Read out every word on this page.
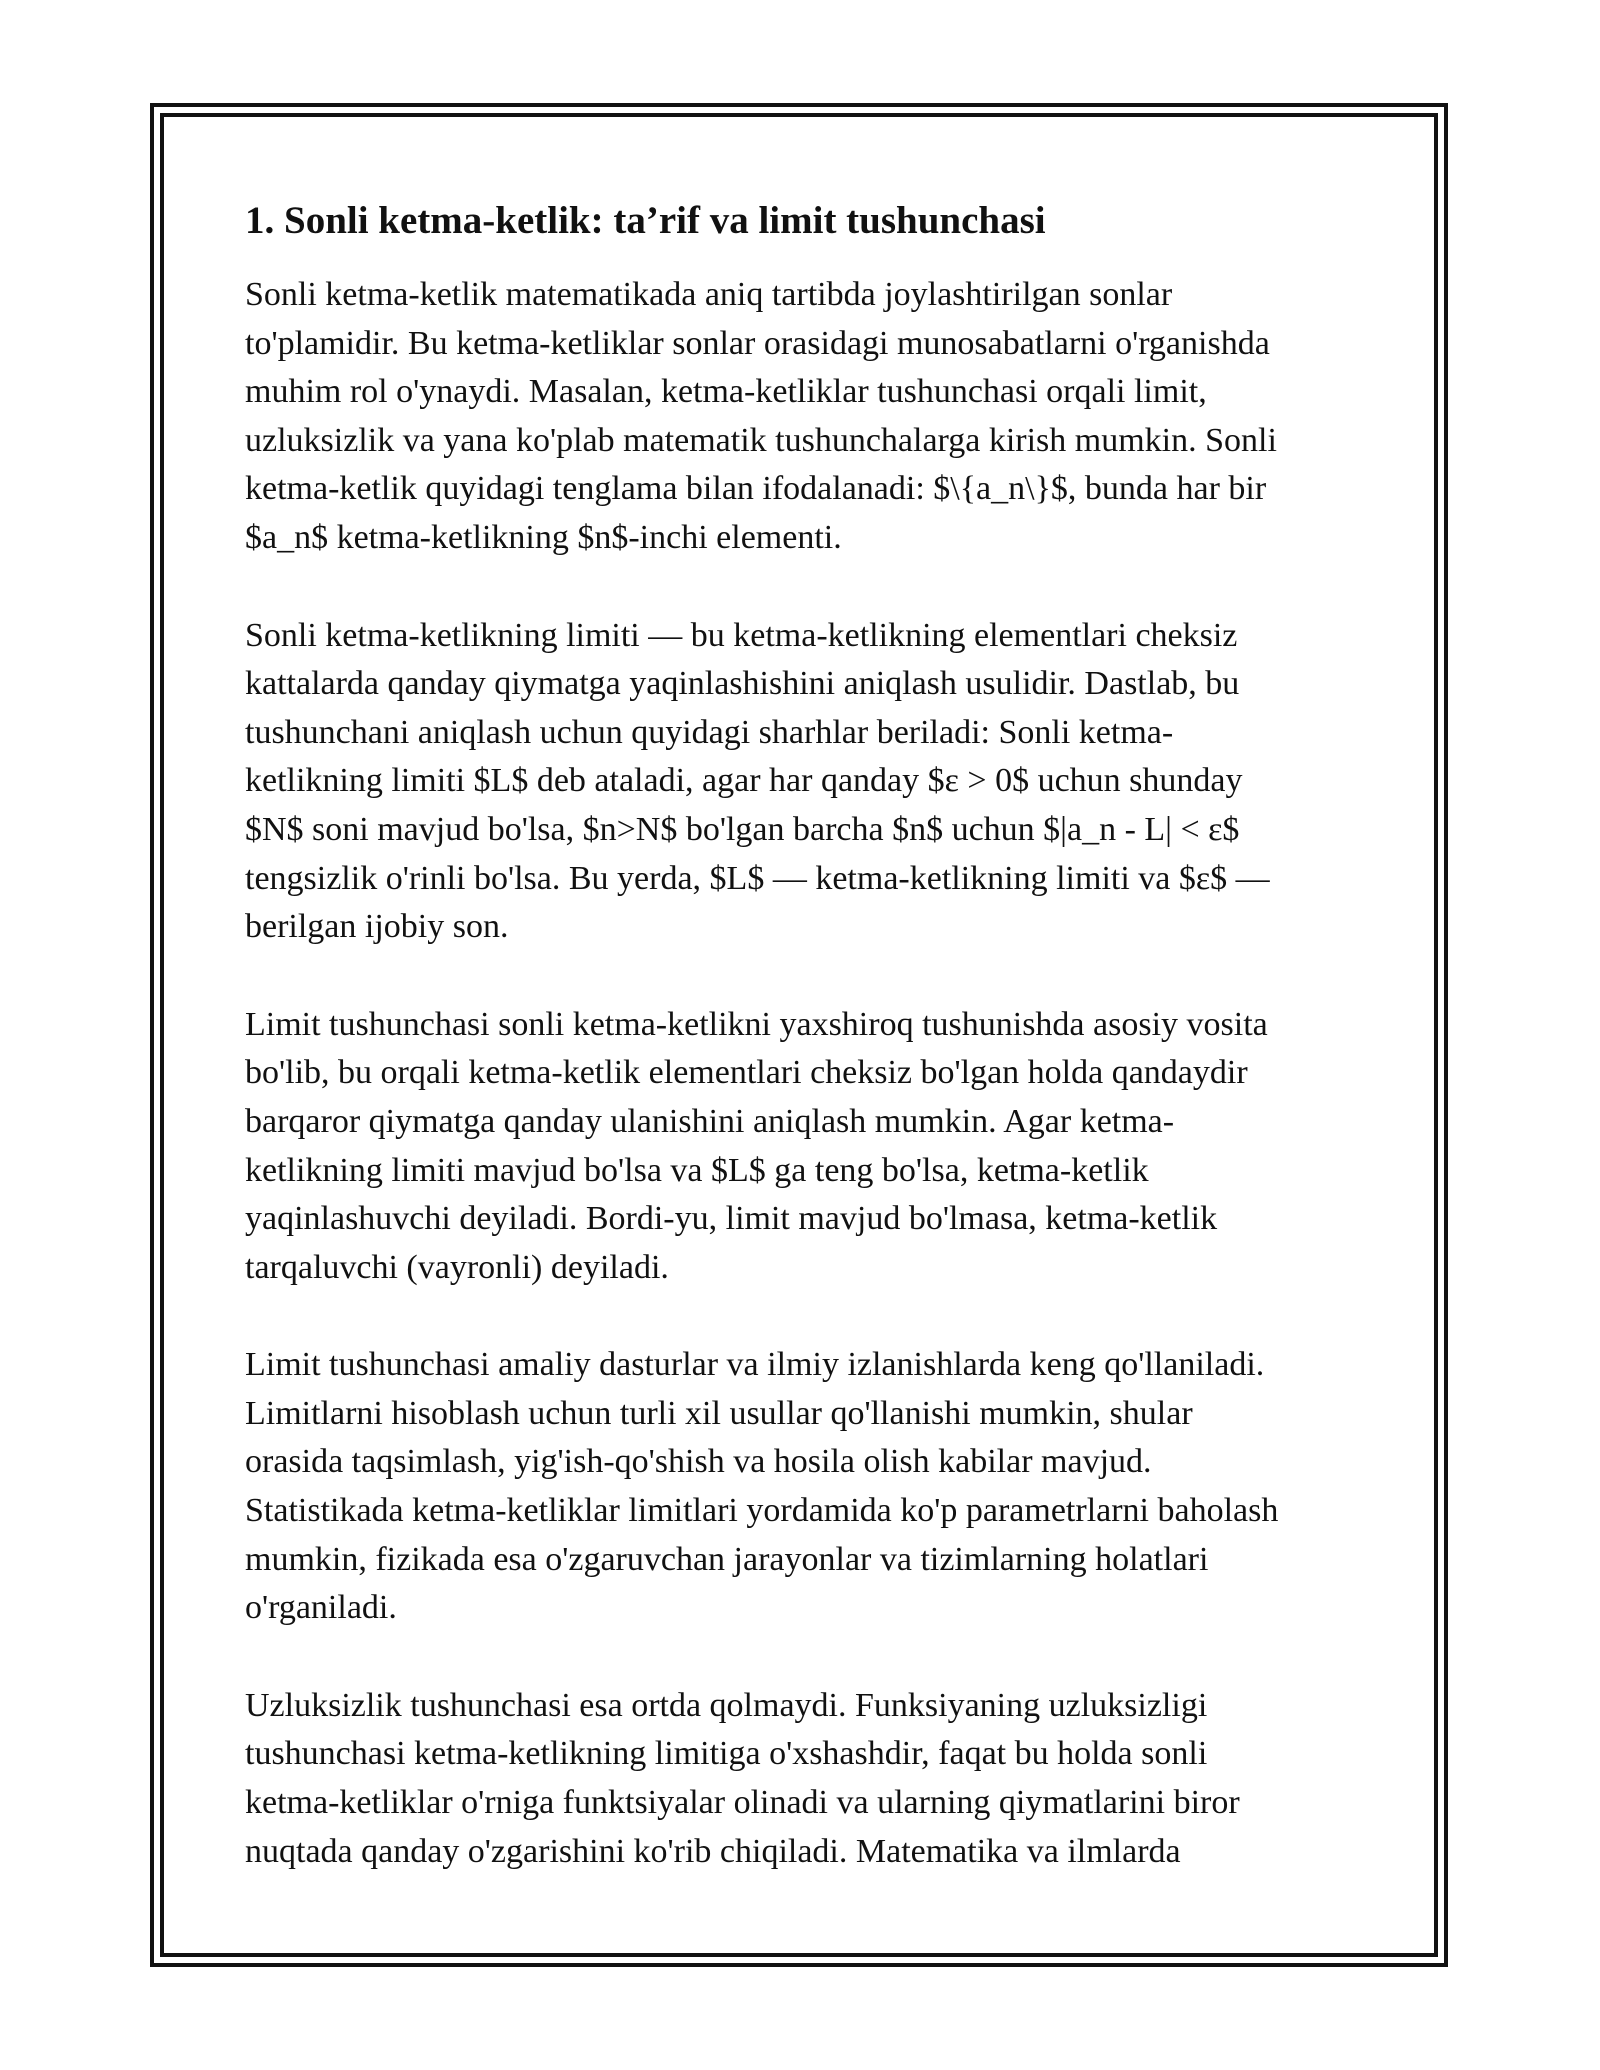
1. Sonli ketma-ketlik: ta’rif va limit tushunchasi

Sonli ketma-ketlik matematikada aniq tartibda joylashtirilgan sonlar
to'plamidir. Bu ketma-ketliklar sonlar orasidagi munosabatlarni o'rganishda
muhim rol o'ynaydi. Masalan, ketma-ketliklar tushunchasi orqali limit,
uzluksizlik va yana ko'plab matematik tushunchalarga kirish mumkin. Sonli
ketma-ketlik quyidagi tenglama bilan ifodalanadi: $\{a_n\}$, bunda har bir
$a_n$ ketma-ketlikning $n$-inchi elementi.

Sonli ketma-ketlikning limiti — bu ketma-ketlikning elementlari cheksiz
kattalarda qanday qiymatga yaqinlashishini aniqlash usulidir. Dastlab, bu
tushunchani aniqlash uchun quyidagi sharhlar beriladi: Sonli ketma-
ketlikning limiti $L$ deb ataladi, agar har qanday $ε > 0$ uchun shunday
$N$ soni mavjud bo'lsa, $n>N$ bo'lgan barcha $n$ uchun $|a_n - L| < ε$
tengsizlik o'rinli bo'lsa. Bu yerda, $L$ — ketma-ketlikning limiti va $ε$ —
berilgan ijobiy son.

Limit tushunchasi sonli ketma-ketlikni yaxshiroq tushunishda asosiy vosita
bo'lib, bu orqali ketma-ketlik elementlari cheksiz bo'lgan holda qandaydir
barqaror qiymatga qanday ulanishini aniqlash mumkin. Agar ketma-
ketlikning limiti mavjud bo'lsa va $L$ ga teng bo'lsa, ketma-ketlik
yaqinlashuvchi deyiladi. Bordi-yu, limit mavjud bo'lmasa, ketma-ketlik
tarqaluvchi (vayronli) deyiladi.

Limit tushunchasi amaliy dasturlar va ilmiy izlanishlarda keng qo'llaniladi.
Limitlarni hisoblash uchun turli xil usullar qo'llanishi mumkin, shular
orasida taqsimlash, yig'ish-qo'shish va hosila olish kabilar mavjud.
Statistikada ketma-ketliklar limitlari yordamida ko'p parametrlarni baholash
mumkin, fizikada esa o'zgaruvchan jarayonlar va tizimlarning holatlari
o'rganiladi.

Uzluksizlik tushunchasi esa ortda qolmaydi. Funksiyaning uzluksizligi
tushunchasi ketma-ketlikning limitiga o'xshashdir, faqat bu holda sonli
ketma-ketliklar o'rniga funktsiyalar olinadi va ularning qiymatlarini biror
nuqtada qanday o'zgarishini ko'rib chiqiladi. Matematika va ilmlarda
